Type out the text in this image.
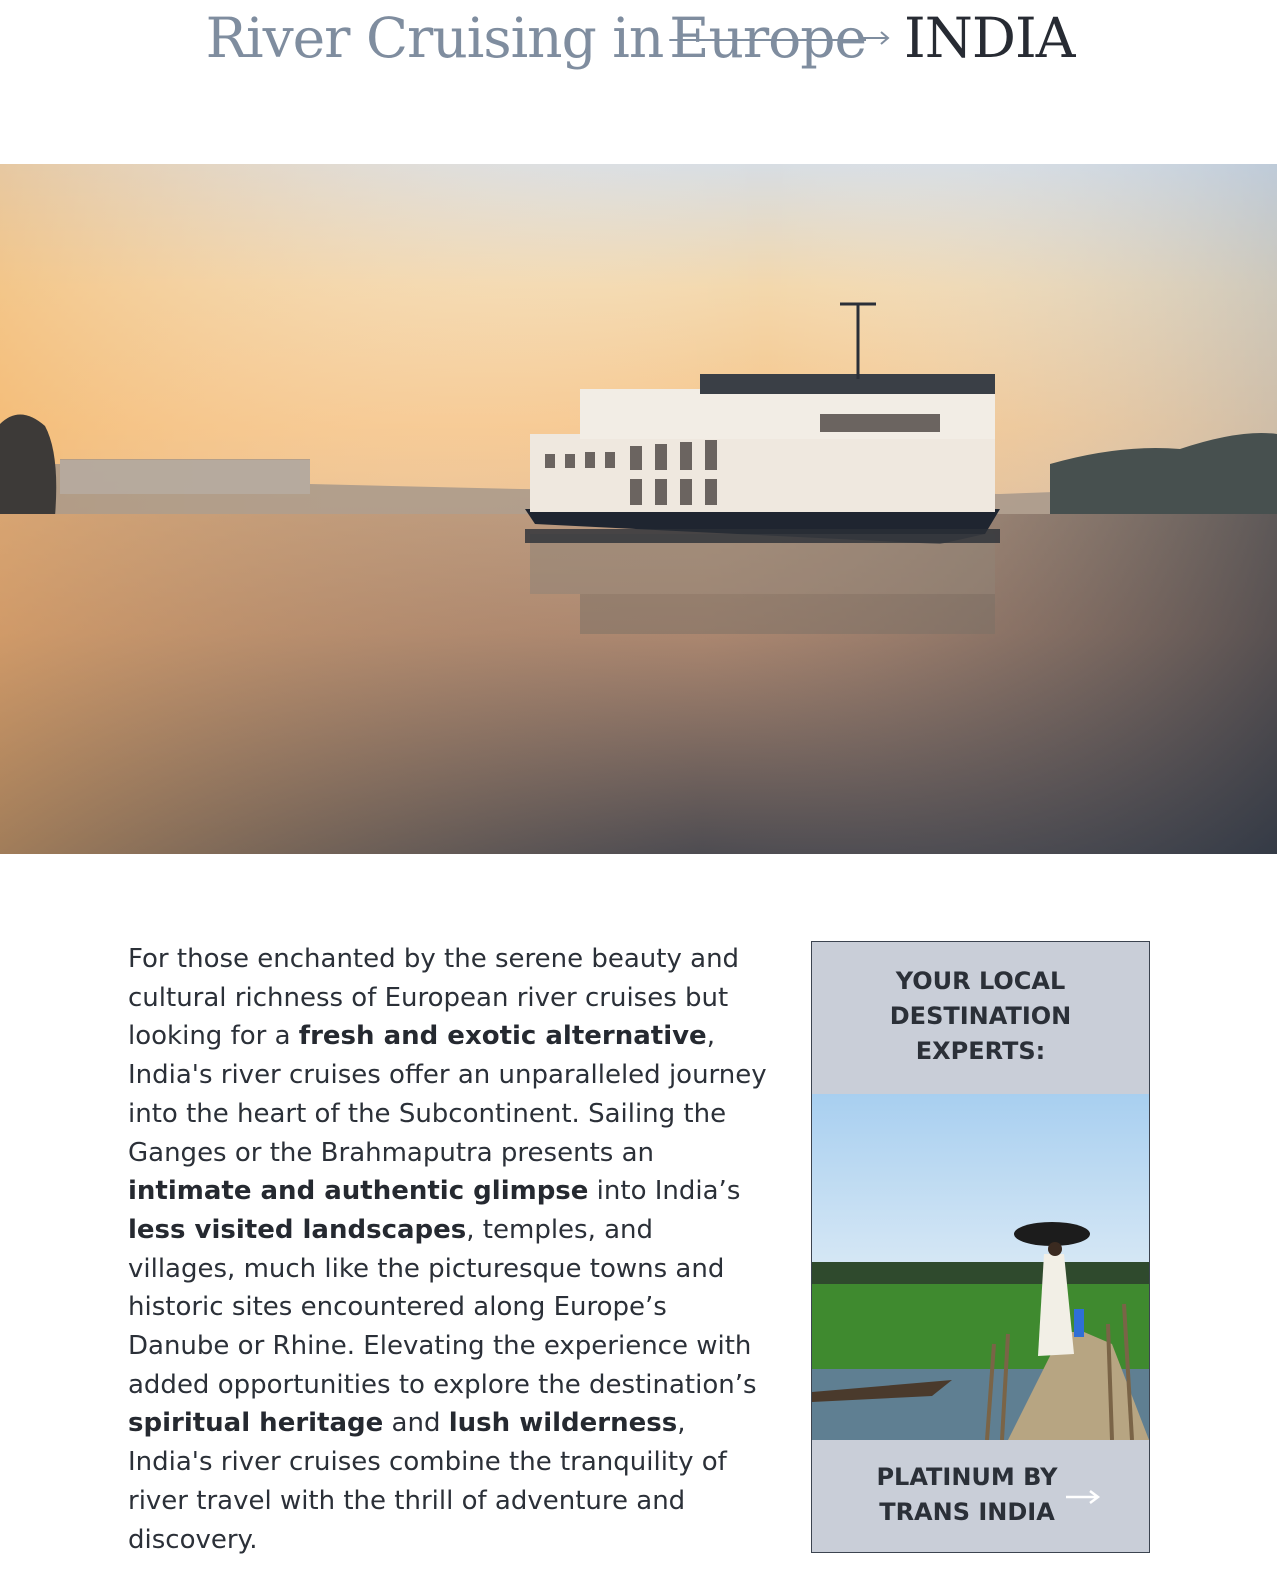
River Cruising in Europe INDIA
For those enchanted by the serene beauty and cultural richness of European river cruises but looking for a fresh and exotic alternative, India's river cruises offer an unparalleled journey into the heart of the Subcontinent. Sailing the Ganges or the Brahmaputra presents an intimate and authentic glimpse into India’s less visited landscapes, temples, and villages, much like the picturesque towns and historic sites encountered along Europe’s Danube or Rhine. Elevating the experience with added opportunities to explore the destination’s spiritual heritage and lush wilderness, India's river cruises combine the tranquility of river travel with the thrill of adventure and discovery.
YOUR LOCAL
DESTINATION
EXPERTS:
PLATINUM BY
TRANS INDIA
